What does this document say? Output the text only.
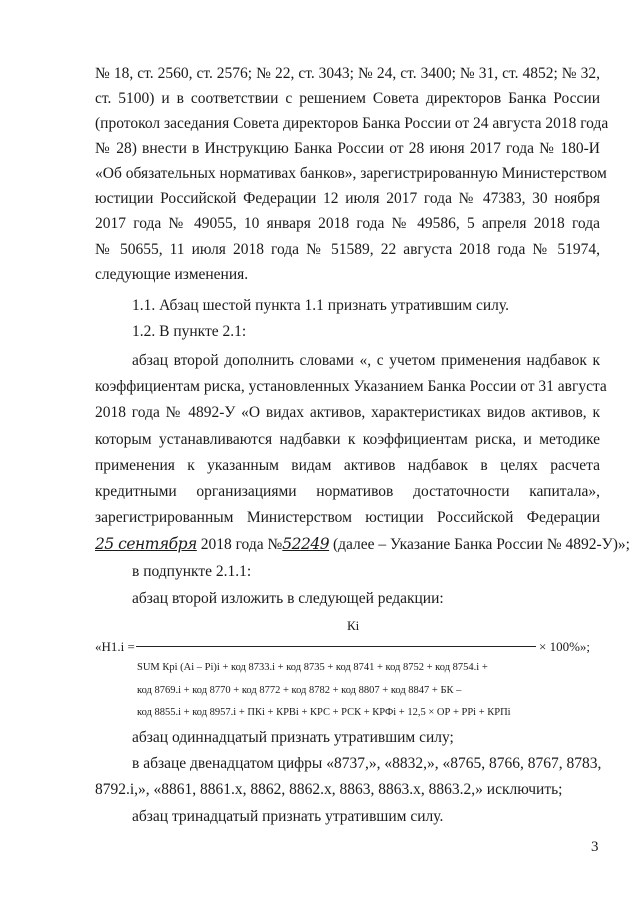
№ 18, ст. 2560, ст. 2576; № 22, ст. 3043; № 24, ст. 3400; № 31, ст. 4852; № 32,
ст. 5100) и в соответствии с решением Совета директоров Банка России
(протокол заседания Совета директоров Банка России от 24 августа 2018 года
№ 28) внести в Инструкцию Банка России от 28 июня 2017 года № 180-И
«Об обязательных нормативах банков», зарегистрированную Министерством
юстиции Российской Федерации 12 июля 2017 года № 47383, 30 ноября
2017 года № 49055, 10 января 2018 года № 49586, 5 апреля 2018 года
№ 50655, 11 июля 2018 года № 51589, 22 августа 2018 года № 51974,
следующие изменения.
1.1. Абзац шестой пункта 1.1 признать утратившим силу.
1.2. В пункте 2.1:
абзац второй дополнить словами «, с учетом применения надбавок к
коэффициентам риска, установленных Указанием Банка России от 31 августа
2018 года № 4892-У «О видах активов, характеристиках видов активов, к
которым устанавливаются надбавки к коэффициентам риска, и методике
применения к указанным видам активов надбавок в целях расчета
кредитными организациями нормативов достаточности капитала»,
зарегистрированным Министерством юстиции Российской Федерации
25 сентября 2018 года №52249 (далее – Указание Банка России № 4892-У)»;
в подпункте 2.1.1:
абзац второй изложить в следующей редакции:
Кi
«Н1.i =	× 100%»;
SUM Крi (Аi – Рi)i + код 8733.i + код 8735 + код 8741 + код 8752 + код 8754.i +
код 8769.i + код 8770 + код 8772 + код 8782 + код 8807 + код 8847 + БК –
код 8855.i + код 8957.i + ПКi + КРВi + КРС + РСК + КРФi + 12,5 × ОР + РРi + КРПi
абзац одиннадцатый признать утратившим силу;
в абзаце двенадцатом цифры «8737,», «8832,», «8765, 8766, 8767, 8783,
8792.i,», «8861, 8861.x, 8862, 8862.x, 8863, 8863.x, 8863.2,» исключить;
абзац тринадцатый признать утратившим силу.
3
